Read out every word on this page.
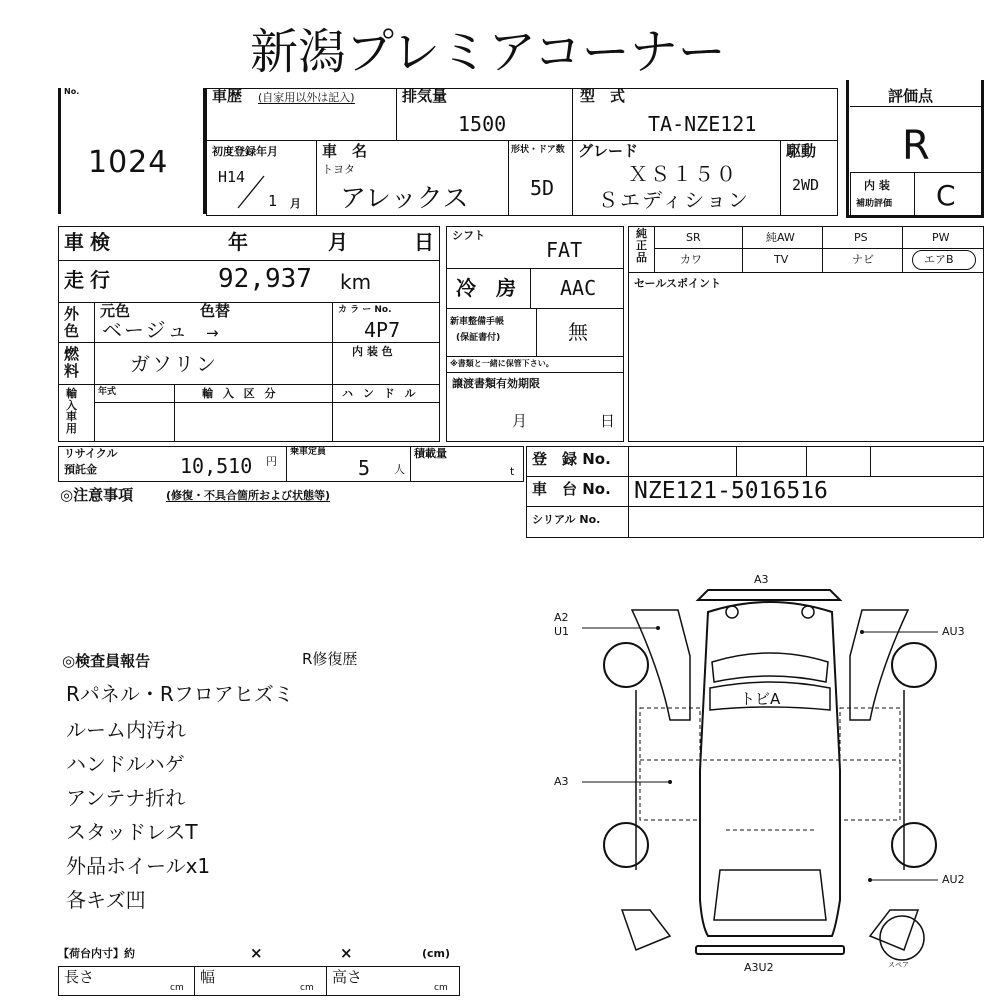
新潟プレミアコーナー
No.
1024
車歴 (自家用以外は記入)	排気量
1500
型　式
TA-NZE121
初度登録年月
H14
1 月
車　名
トヨタ
アレックス
形状・ドア数
5D
グレード
ＸＳ１５０
Ｓエディション
駆動
2WD
評価点
R
内 装
補助評価 C
車検	年	月	日
走行	92,937 km
外色
元色	色替
ベージュ →
カ ラ ー No.
4P7
燃料	ガソリン
内 装 色
輸入車用
年式	輸 入 区 分	ハ ン ド ル
シフト
FAT
冷　房 AAC
新車整備手帳
(保証書付)	無
※書類と一緒に保管下さい。
譲渡書類有効期限
月	日
純正品
SR	純AW	PS	PW
カワ	TV	ナビ	エアB
セールスポイント
リサイクル
預託金	10,510 円
乗車定員
5 人
積載量
t
◎注意事項	(修復・不具合箇所および状態等)
登　録 No.
車　台 No. NZE121-5016516
シリアル No.
◎検査員報告	R修復歴
Rパネル・Rフロアヒズミ
ルーム内汚れ
ハンドルハゲ
アンテナ折れ
スタッドレスT
外品ホイールx1
各キズ凹
【荷台内寸】約	×	×	(cm)
長さ
cm
幅
cm
高さ
cm
トビA
A3
A2
U1	AU3
A3
AU2
A3U2	スペア
